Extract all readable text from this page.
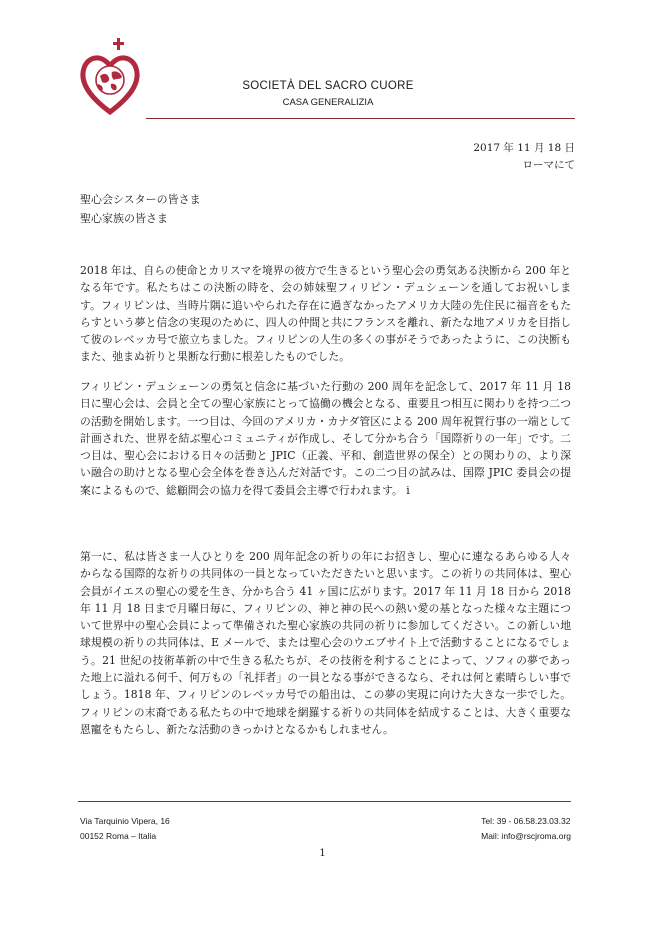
SOCIETÀ DEL SACRO CUORE
CASA GENERALIZIA
2017 年 11 月 18 日
ローマにて
聖心会シスターの皆さま
聖心家族の皆さま
2018 年は、自らの使命とカリスマを境界の彼方で生きるという聖心会の勇気ある決断から 200 年となる年です。私たちはこの決断の時を、会の姉妹聖フィリピン・デュシェーンを通してお祝いします。フィリピンは、当時片隅に追いやられた存在に過ぎなかったアメリカ大陸の先住民に福音をもたらすという夢と信念の実現のために、四人の仲間と共にフランスを離れ、新たな地アメリカを目指して彼のレベッカ号で旅立ちました。フィリピンの人生の多くの事がそうであったように、この決断もまた、弛まぬ祈りと果断な行動に根差したものでした。
フィリピン・デュシェーンの勇気と信念に基づいた行動の 200 周年を記念して、2017 年 11 月 18 日に聖心会は、会員と全ての聖心家族にとって協働の機会となる、重要且つ相互に関わりを持つ二つの活動を開始します。一つ目は、今回のアメリカ・カナダ管区による 200 周年祝賀行事の一端として計画された、世界を結ぶ聖心コミュニティが作成し、そして分かち合う「国際祈りの一年」です。二つ目は、聖心会における日々の活動と JPIC（正義、平和、創造世界の保全）との関わりの、より深い融合の助けとなる聖心会全体を巻き込んだ対話です。この二つ目の試みは、国際 JPIC 委員会の提案によるもので、総顧問会の協力を得て委員会主導で行われます。 i
第一に、私は皆さま一人ひとりを 200 周年記念の祈りの年にお招きし、聖心に連なるあらゆる人々からなる国際的な祈りの共同体の一員となっていただきたいと思います。この祈りの共同体は、聖心会員がイエスの聖心の愛を生き、分かち合う 41 ヶ国に広がります。2017 年 11 月 18 日から 2018 年 11 月 18 日まで月曜日毎に、フィリピンの、神と神の民への熱い愛の基となった様々な主題について世界中の聖心会員によって準備された聖心家族の共同の祈りに参加してください。この新しい地球規模の祈りの共同体は、E メールで、または聖心会のウエブサイト上で活動することになるでしょう。21 世紀の技術革新の中で生きる私たちが、その技術を利することによって、ソフィの夢であった地上に溢れる何千、何万もの「礼拝者」の一員となる事ができるなら、それは何と素晴らしい事でしょう。1818 年、フィリピンのレベッカ号での船出は、この夢の実現に向けた大きな一歩でした。フィリピンの末裔である私たちの中で地球を網羅する祈りの共同体を結成することは、大きく重要な恩寵をもたらし、新たな活動のきっかけとなるかもしれません。
Via Tarquinio Vipera, 16
00152 Roma – Italia
Tel: 39 - 06.58.23.03.32
Mail: info@rscjroma.org
1
